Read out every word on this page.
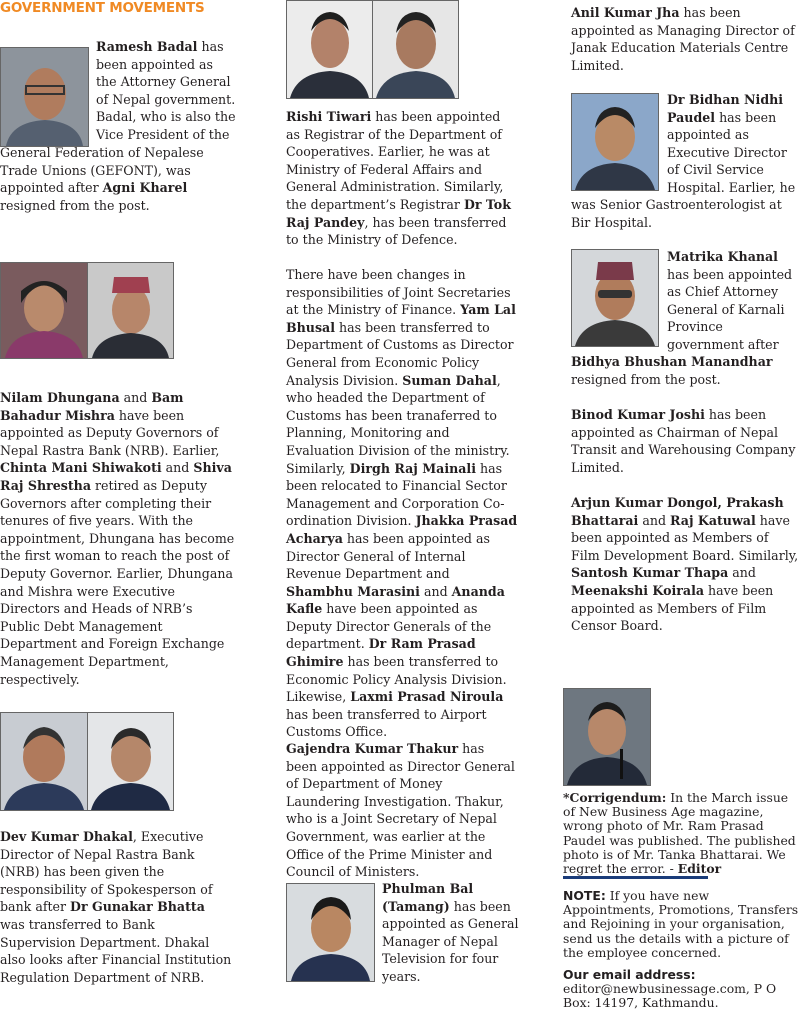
GOVERNMENT MOVEMENTS

Ramesh Badal has been appointed as the Attorney General of Nepal government. Badal, who is also the Vice President of the

General Federation of Nepalese Trade Unions (GEFONT), was appointed after Agni Kharel resigned from the post.

Nilam Dhungana and Bam Bahadur Mishra have been appointed as Deputy Governors of Nepal Rastra Bank (NRB). Earlier, Chinta Mani Shiwakoti and Shiva Raj Shrestha retired as Deputy Governors after completing their tenures of five years. With the appointment, Dhungana has become the first woman to reach the post of Deputy Governor. Earlier, Dhungana and Mishra were Executive Directors and Heads of NRB’s Public Debt Management Department and Foreign Exchange Management Department, respectively.

Dev Kumar Dhakal, Executive Director of Nepal Rastra Bank (NRB) has been given the responsibility of Spokesperson of bank after Dr Gunakar Bhatta was transferred to Bank Supervision Department. Dhakal also looks after Financial Institution Regulation Department of NRB.

Rishi Tiwari has been appointed as Registrar of the Department of Cooperatives. Earlier, he was at Ministry of Federal Affairs and General Administration. Similarly, the department’s Registrar Dr Tok Raj Pandey, has been transferred to the Ministry of Defence.

There have been changes in responsibilities of Joint Secretaries at the Ministry of Finance. Yam Lal Bhusal has been transferred to Department of Customs as Director General from Economic Policy Analysis Division. Suman Dahal, who headed the Department of Customs has been tranaferred to Planning, Monitoring and Evaluation Division of the ministry. Similarly, Dirgh Raj Mainali has been relocated to Financial Sector Management and Corporation Co-ordination Division. Jhakka Prasad Acharya has been appointed as Director General of Internal Revenue Department and Shambhu Marasini and Ananda Kafle have been appointed as Deputy Director Generals of the department. Dr Ram Prasad Ghimire has been transferred to Economic Policy Analysis Division. Likewise, Laxmi Prasad Niroula has been transferred to Airport Customs Office.

Gajendra Kumar Thakur has been appointed as Director General of Department of Money Laundering Investigation. Thakur, who is a Joint Secretary of Nepal Government, was earlier at the Office of the Prime Minister and Council of Ministers.

Phulman Bal (Tamang) has been appointed as General Manager of Nepal Television for four years.

Anil Kumar Jha has been appointed as Managing Director of Janak Education Materials Centre Limited.

Dr Bidhan Nidhi Paudel has been appointed as Executive Director of Civil Service Hospital. Earlier, he

was Senior Gastroenterologist at Bir Hospital.

Matrika Khanal has been appointed as Chief Attorney General of Karnali Province government after

Bidhya Bhushan Manandhar resigned from the post.

Binod Kumar Joshi has been appointed as Chairman of Nepal Transit and Warehousing Company Limited.

Arjun Kumar Dongol, Prakash Bhattarai and Raj Katuwal have been appointed as Members of Film Development Board. Similarly, Santosh Kumar Thapa and Meenakshi Koirala have been appointed as Members of Film Censor Board.

*Corrigendum: In the March issue of New Business Age magazine, wrong photo of Mr. Ram Prasad Paudel was published. The published photo is of Mr. Tanka Bhattarai. We regret the error. - Editor

NOTE: If you have new Appointments, Promotions, Transfers and Rejoining in your organisation, send us the details with a picture of the employee concerned.

Our email address:

editor@newbusinessage.com, P O Box: 14197, Kathmandu.
